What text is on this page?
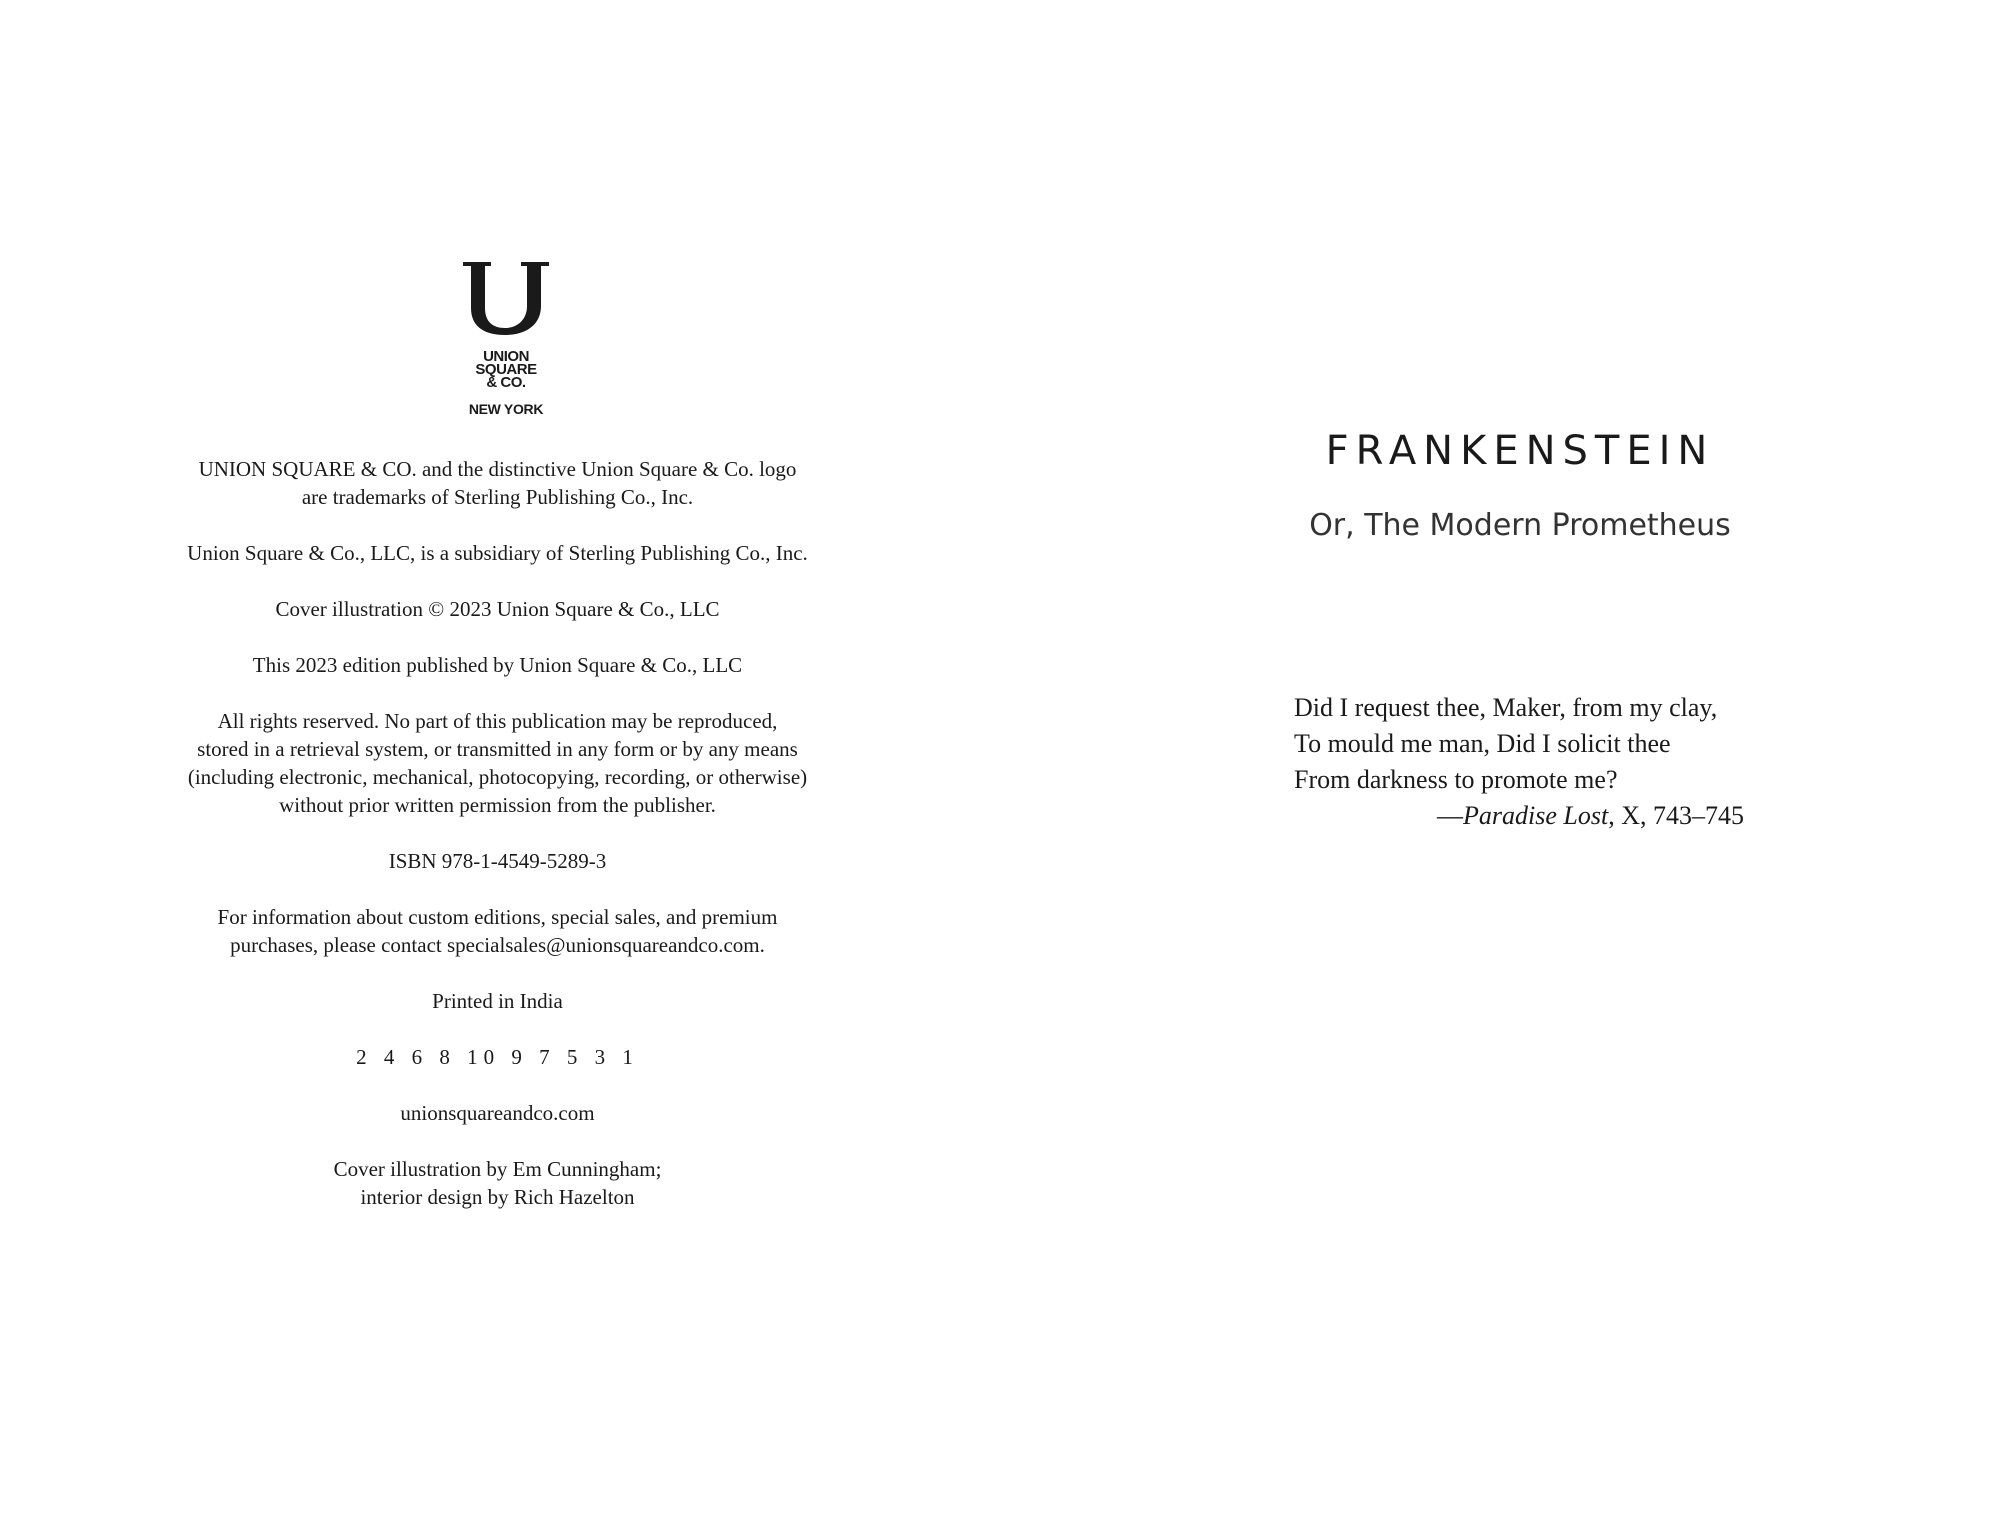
UNION
SQUARE
& CO.
NEW YORK

UNION SQUARE & CO. and the distinctive Union Square & Co. logo
are trademarks of Sterling Publishing Co., Inc.

Union Square & Co., LLC, is a subsidiary of Sterling Publishing Co., Inc.

Cover illustration © 2023 Union Square & Co., LLC

This 2023 edition published by Union Square & Co., LLC

All rights reserved. No part of this publication may be reproduced,
stored in a retrieval system, or transmitted in any form or by any means
(including electronic, mechanical, photocopying, recording, or otherwise)
without prior written permission from the publisher.

ISBN 978-1-4549-5289-3

For information about custom editions, special sales, and premium
purchases, please contact specialsales@unionsquareandco.com.

Printed in India

2 4 6 8 10 9 7 5 3 1

unionsquareandco.com

Cover illustration by Em Cunningham;
interior design by Rich Hazelton

FRANKENSTEIN
Or, The Modern Prometheus
Did I request thee, Maker, from my clay,
To mould me man, Did I solicit thee
From darkness to promote me?
—Paradise Lost, X, 743–745
